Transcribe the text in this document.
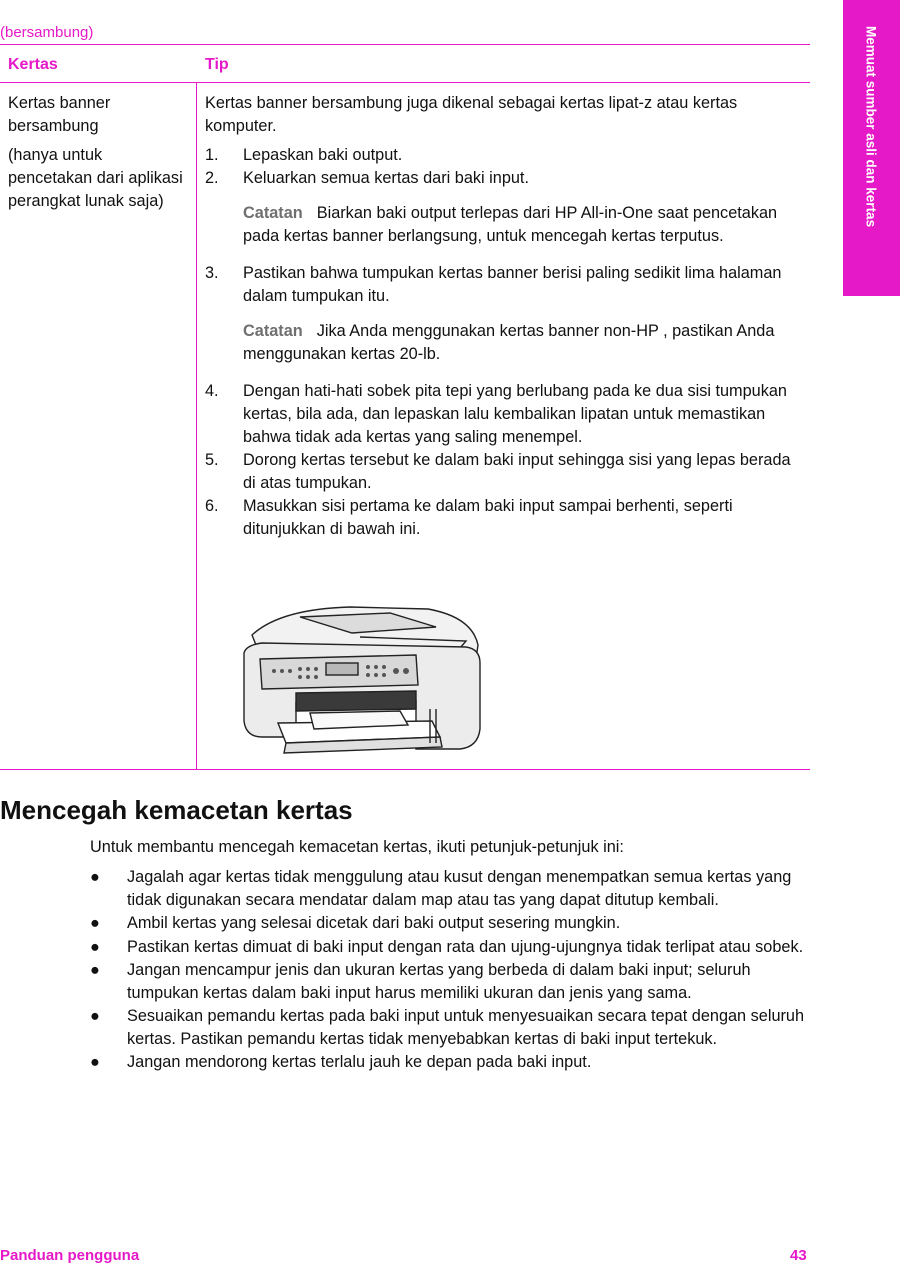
(bersambung)	Memuat sumber asli dan kertas
Kertas	Tip

Kertas banner bersambung

(hanya untuk pencetakan dari aplikasi perangkat lunak saja)

Kertas banner bersambung juga dikenal sebagai kertas lipat-z atau kertas komputer.

1. Lepaskan baki output.
2. Keluarkan semua kertas dari baki input.
Catatan Biarkan baki output terlepas dari HP All-in-One saat pencetakan pada kertas banner berlangsung, untuk mencegah kertas terputus.
3. Pastikan bahwa tumpukan kertas banner berisi paling sedikit lima halaman dalam tumpukan itu.
Catatan Jika Anda menggunakan kertas banner non-HP , pastikan Anda menggunakan kertas 20-lb.
4. Dengan hati-hati sobek pita tepi yang berlubang pada ke dua sisi tumpukan kertas, bila ada, dan lepaskan lalu kembalikan lipatan untuk memastikan bahwa tidak ada kertas yang saling menempel.
5. Dorong kertas tersebut ke dalam baki input sehingga sisi yang lepas berada di atas tumpukan.
6. Masukkan sisi pertama ke dalam baki input sampai berhenti, seperti ditunjukkan di bawah ini.
Mencegah kemacetan kertas
Untuk membantu mencegah kemacetan kertas, ikuti petunjuk-petunjuk ini:
● Jagalah agar kertas tidak menggulung atau kusut dengan menempatkan semua kertas yang tidak digunakan secara mendatar dalam map atau tas yang dapat ditutup kembali.
● Ambil kertas yang selesai dicetak dari baki output sesering mungkin.
● Pastikan kertas dimuat di baki input dengan rata dan ujung-ujungnya tidak terlipat atau sobek.
● Jangan mencampur jenis dan ukuran kertas yang berbeda di dalam baki input; seluruh tumpukan kertas dalam baki input harus memiliki ukuran dan jenis yang sama.
● Sesuaikan pemandu kertas pada baki input untuk menyesuaikan secara tepat dengan seluruh kertas. Pastikan pemandu kertas tidak menyebabkan kertas di baki input tertekuk.
● Jangan mendorong kertas terlalu jauh ke depan pada baki input.
Panduan pengguna	43
